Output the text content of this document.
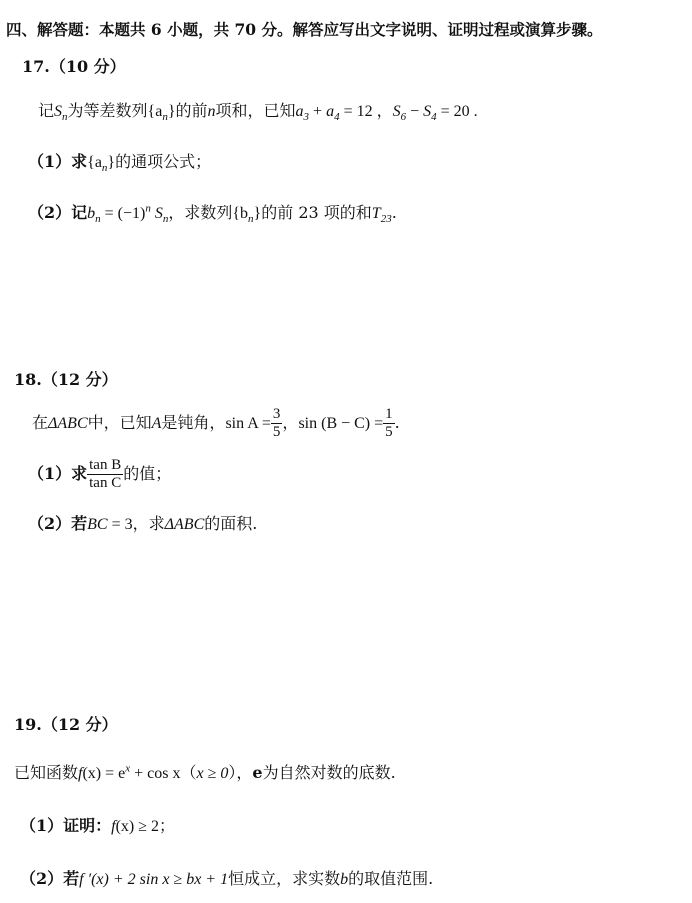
四、解答题：本题共 6 小题，共 70 分。解答应写出文字说明、证明过程或演算步骤。
17.（10 分）
记$S_n$为等差数列$\{a_n\}$的前n项和，已知$a_3 + a_4 = 12$ ，$S_6 - S_4 = 20$ .
（1）求$\{a_n\}$的通项公式；
（2）记$b_n = (-1)^n$ $S_n$，求数列$\{b_n\}$的前 23 项的和$T_{23}$.
18.（12 分）
在ΔABC中，已知A是钝角，$\sin A = \frac{3}{5}$ ，$\sin (B - C) = \frac{1}{5}$ .
（1）求 $\frac{\text{tan B}}{\text{tan C}}$ 的值；
（2）若BC = 3，求ΔABC的面积.
19.（12 分）
已知函数$f(x) = e^x + \cos x(x \ge 0)$，e为自然对数的底数.
（1）证明：f(x) ≥ 2；
（2）若f ′(x) + 2 sin x ≥ bx + 1恒成立，求实数b的取值范围.
